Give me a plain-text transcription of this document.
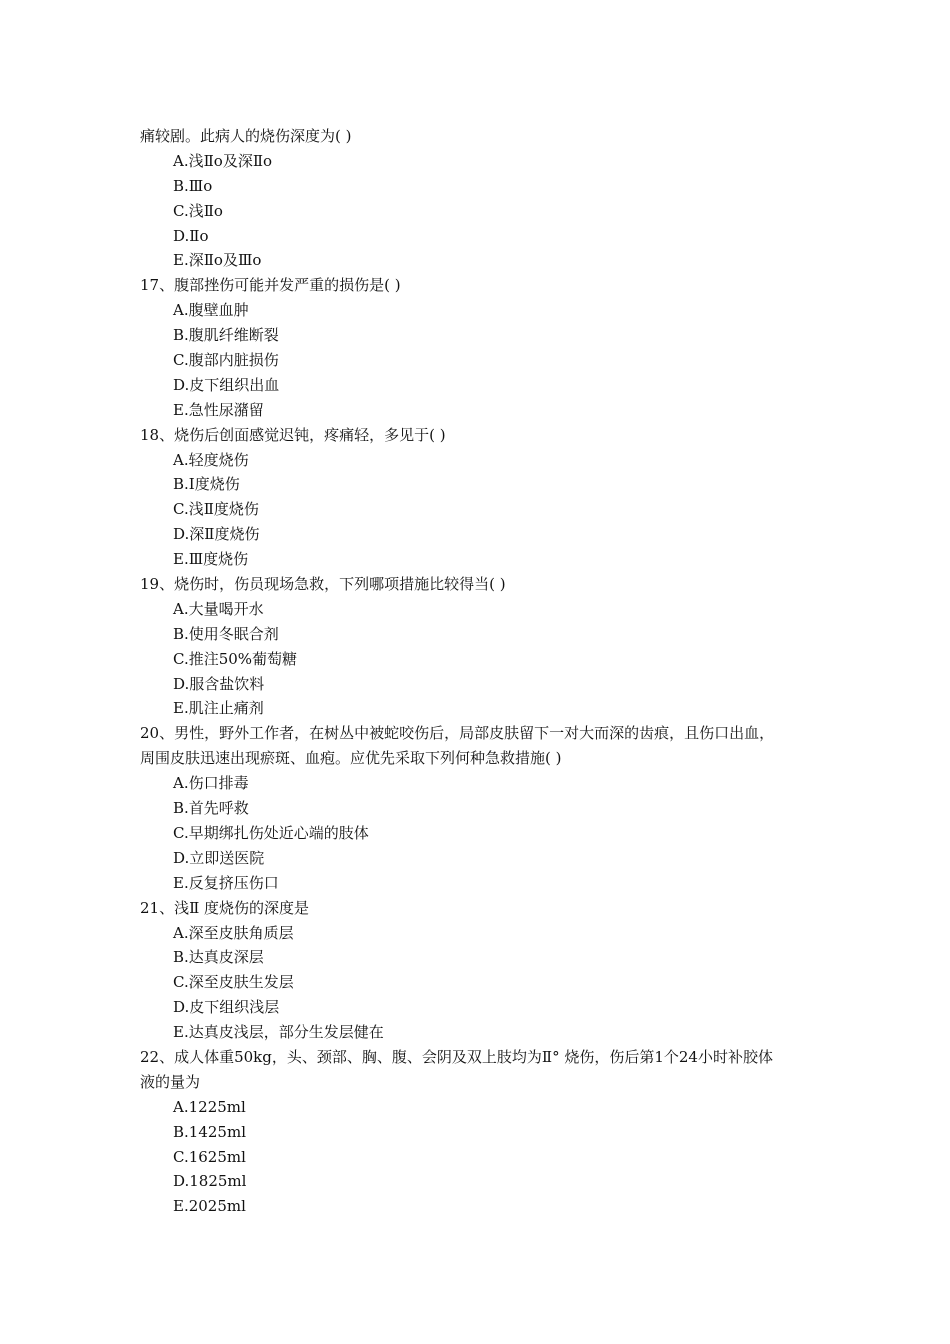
痛较剧。此病人的烧伤深度为( )
A.浅Ⅱo及深Ⅱo
B.Ⅲo
C.浅Ⅱo
D.Ⅱo
E.深Ⅱo及Ⅲo
17、腹部挫伤可能并发严重的损伤是( )
A.腹壁血肿
B.腹肌纤维断裂
C.腹部内脏损伤
D.皮下组织出血
E.急性尿潴留
18、烧伤后创面感觉迟钝，疼痛轻，多见于( )
A.轻度烧伤
B.Ⅰ度烧伤
C.浅Ⅱ度烧伤
D.深Ⅱ度烧伤
E.Ⅲ度烧伤
19、烧伤时，伤员现场急救，下列哪项措施比较得当( )
A.大量喝开水
B.使用冬眠合剂
C.推注50%葡萄糖
D.服含盐饮料
E.肌注止痛剂
20、男性，野外工作者，在树丛中被蛇咬伤后，局部皮肤留下一对大而深的齿痕，且伤口出血，
周围皮肤迅速出现瘀斑、血疱。应优先采取下列何种急救措施( )
A.伤口排毒
B.首先呼救
C.早期绑扎伤处近心端的肢体
D.立即送医院
E.反复挤压伤口
21、浅Ⅱ 度烧伤的深度是
A.深至皮肤角质层
B.达真皮深层
C.深至皮肤生发层
D.皮下组织浅层
E.达真皮浅层，部分生发层健在
22、成人体重50kg，头、颈部、胸、腹、会阴及双上肢均为Ⅱ° 烧伤，伤后第1个24小时补胶体
液的量为
A.1225ml
B.1425ml
C.1625ml
D.1825ml
E.2025ml
